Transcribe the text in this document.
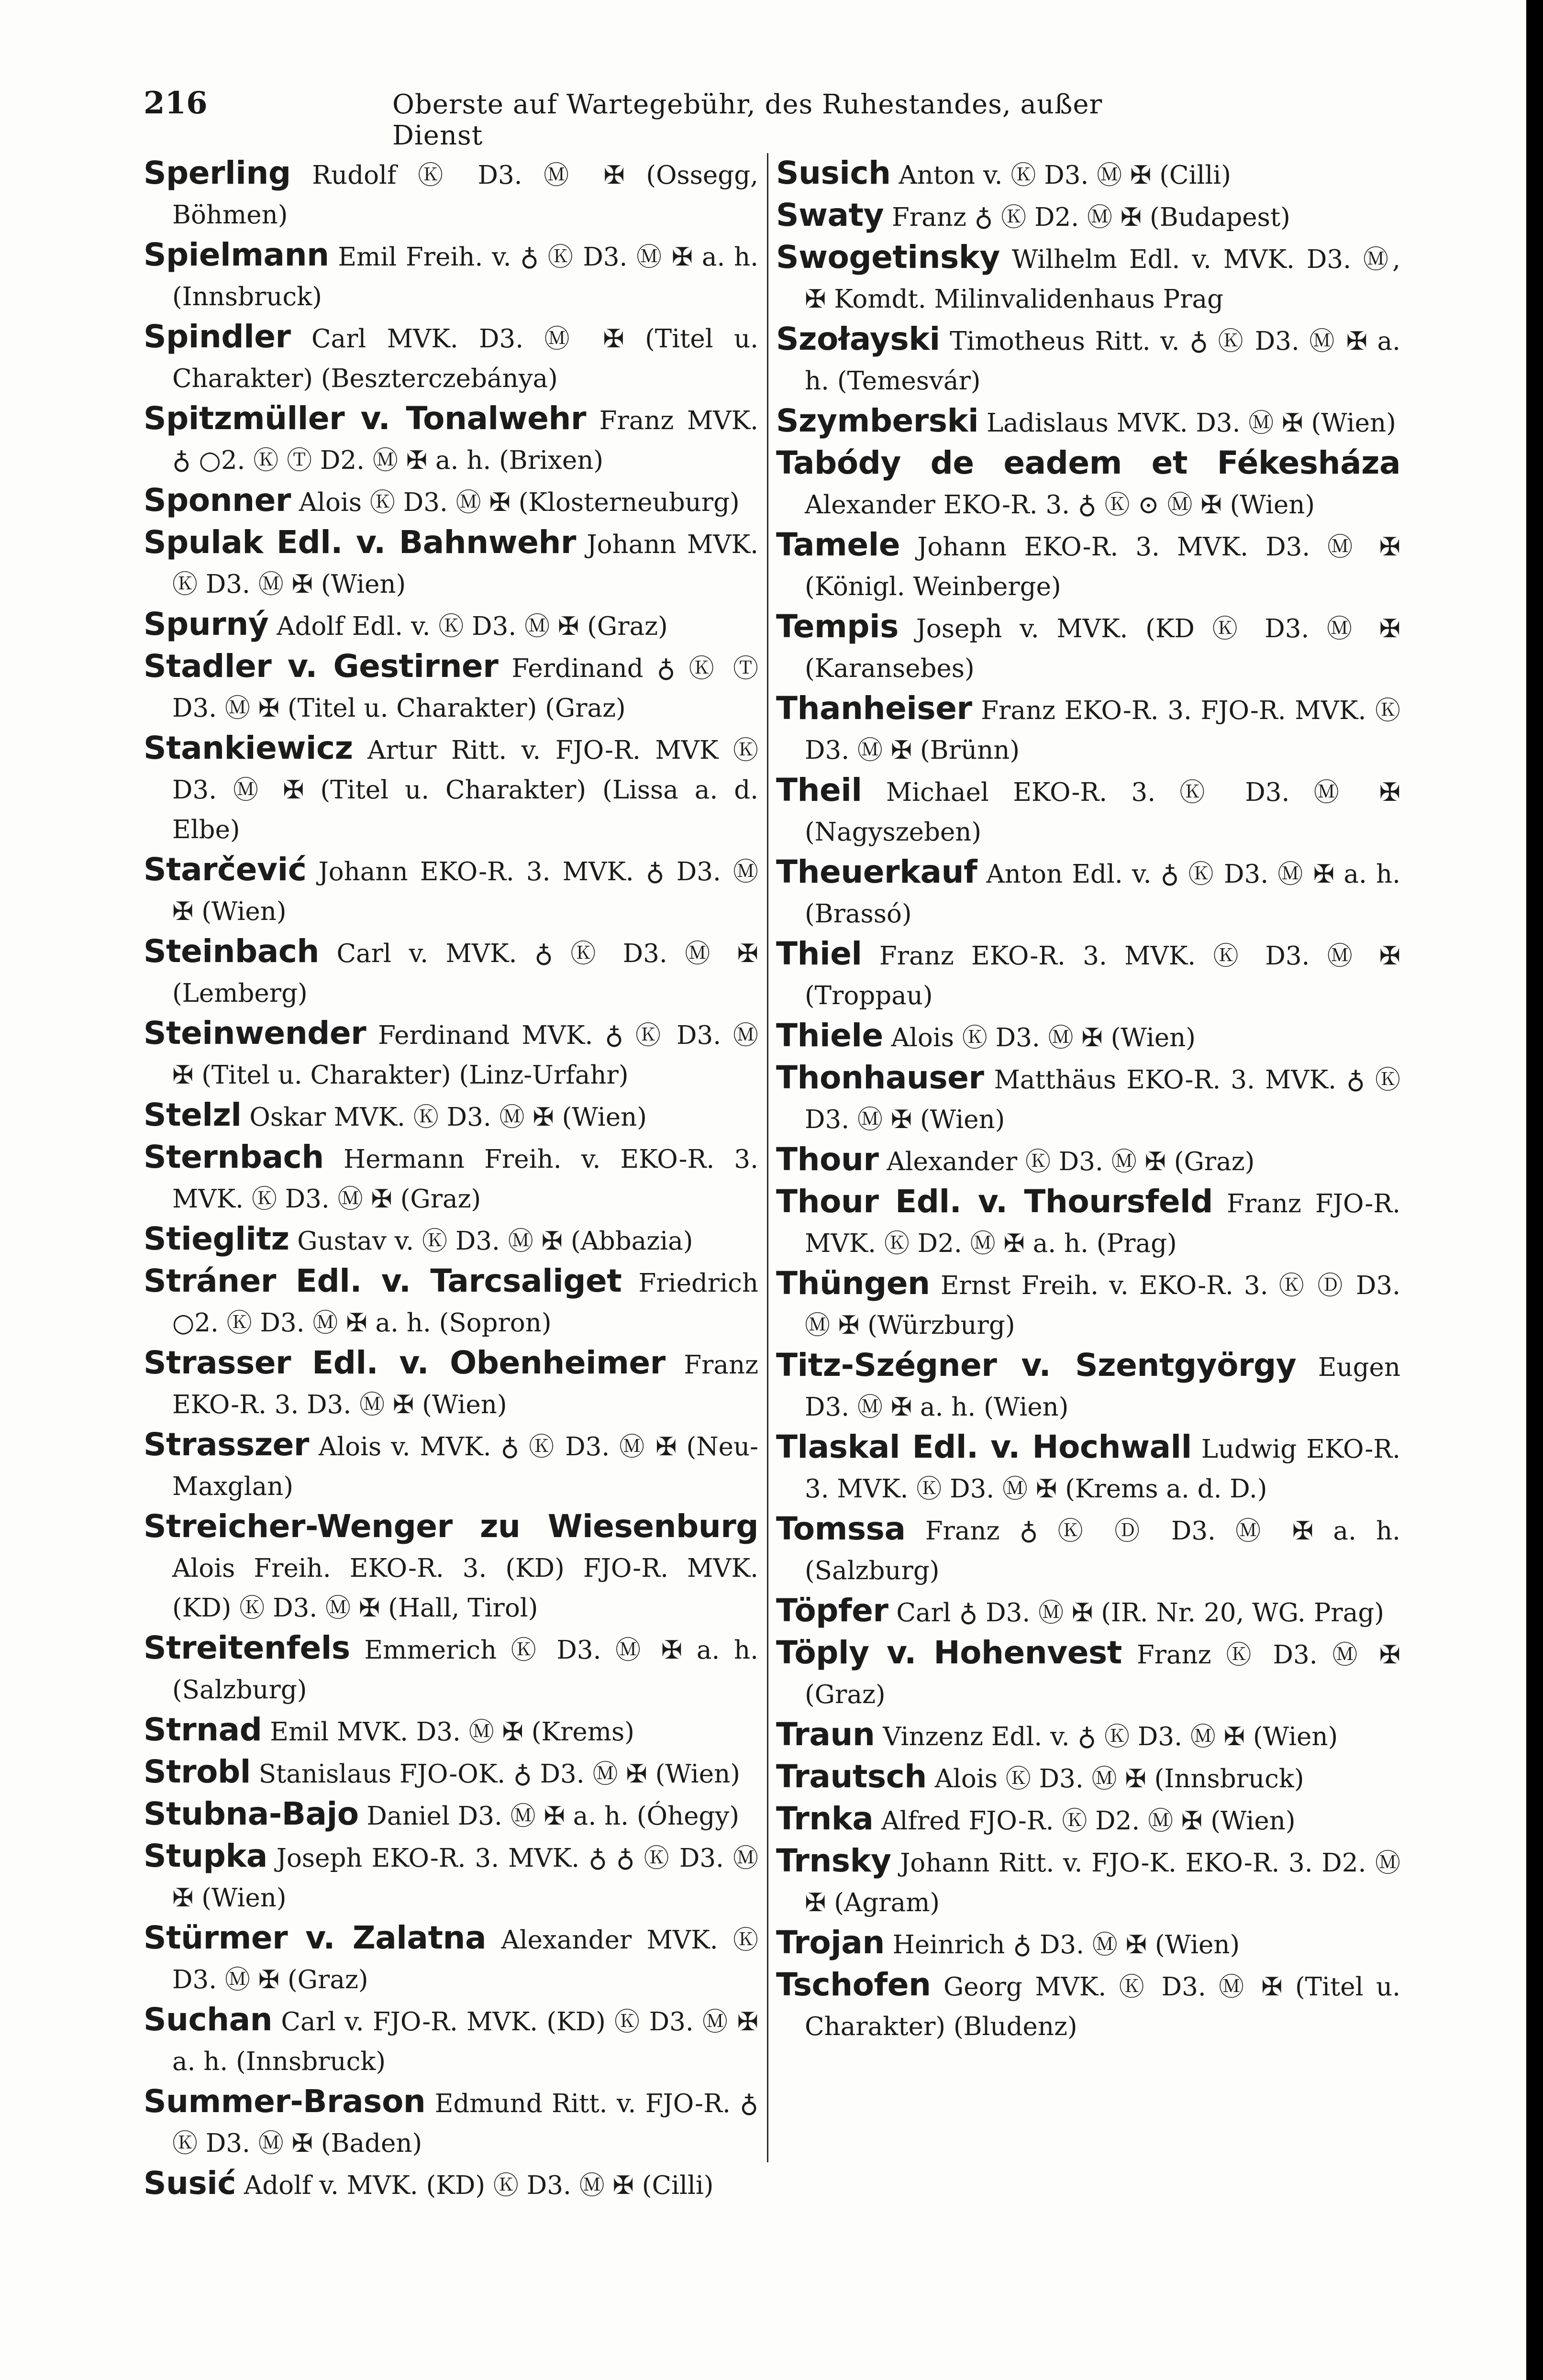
216	Oberste auf Wartegebühr, des Ruhestandes, außer Dienst

Sperling Rudolf Ⓚ D3. Ⓜ ✠ (Ossegg, Böhmen)

Spielmann Emil Freih. v. ♁ Ⓚ D3. Ⓜ ✠ a. h. (Innsbruck)

Spindler Carl MVK. D3. Ⓜ ✠ (Titel u. Charakter) (Beszterczebánya)

Spitzmüller v. Tonalwehr Franz MVK. ♁ ○2. Ⓚ Ⓣ D2. Ⓜ ✠ a. h. (Brixen)

Sponner Alois Ⓚ D3. Ⓜ ✠ (Klosterneuburg)

Spulak Edl. v. Bahnwehr Johann MVK. Ⓚ D3. Ⓜ ✠ (Wien)

Spurný Adolf Edl. v. Ⓚ D3. Ⓜ ✠ (Graz)

Stadler v. Gestirner Ferdinand ♁ Ⓚ Ⓣ D3. Ⓜ ✠ (Titel u. Charakter) (Graz)

Stankiewicz Artur Ritt. v. FJO-R. MVK Ⓚ D3. Ⓜ ✠ (Titel u. Charakter) (Lissa a. d. Elbe)

Starčević Johann EKO-R. 3. MVK. ♁ D3. Ⓜ ✠ (Wien)

Steinbach Carl v. MVK. ♁ Ⓚ D3. Ⓜ ✠ (Lemberg)

Steinwender Ferdinand MVK. ♁ Ⓚ D3. Ⓜ ✠ (Titel u. Charakter) (Linz-Urfahr)

Stelzl Oskar MVK. Ⓚ D3. Ⓜ ✠ (Wien)

Sternbach Hermann Freih. v. EKO-R. 3. MVK. Ⓚ D3. Ⓜ ✠ (Graz)

Stieglitz Gustav v. Ⓚ D3. Ⓜ ✠ (Abbazia)

Stráner Edl. v. Tarcsaliget Friedrich ○2. Ⓚ D3. Ⓜ ✠ a. h. (Sopron)

Strasser Edl. v. Obenheimer Franz EKO-R. 3. D3. Ⓜ ✠ (Wien)

Strasszer Alois v. MVK. ♁ Ⓚ D3. Ⓜ ✠ (Neu-Maxglan)

Streicher-Wenger zu Wiesenburg Alois Freih. EKO-R. 3. (KD) FJO-R. MVK. (KD) Ⓚ D3. Ⓜ ✠ (Hall, Tirol)

Streitenfels Emmerich Ⓚ D3. Ⓜ ✠ a. h. (Salzburg)

Strnad Emil MVK. D3. Ⓜ ✠ (Krems)

Strobl Stanislaus FJO-OK. ♁ D3. Ⓜ ✠ (Wien)

Stubna-Bajo Daniel D3. Ⓜ ✠ a. h. (Óhegy)

Stupka Joseph EKO-R. 3. MVK. ♁ ♁ Ⓚ D3. Ⓜ ✠ (Wien)

Stürmer v. Zalatna Alexander MVK. Ⓚ D3. Ⓜ ✠ (Graz)

Suchan Carl v. FJO-R. MVK. (KD) Ⓚ D3. Ⓜ ✠ a. h. (Innsbruck)

Summer-Brason Edmund Ritt. v. FJO-R. ♁ Ⓚ D3. Ⓜ ✠ (Baden)

Susić Adolf v. MVK. (KD) Ⓚ D3. Ⓜ ✠ (Cilli)

Susich Anton v. Ⓚ D3. Ⓜ ✠ (Cilli)

Swaty Franz ♁ Ⓚ D2. Ⓜ ✠ (Budapest)

Swogetinsky Wilhelm Edl. v. MVK. D3. Ⓜ, ✠ Komdt. Milinvalidenhaus Prag

Szołayski Timotheus Ritt. v. ♁ Ⓚ D3. Ⓜ ✠ a. h. (Temesvár)

Szymberski Ladislaus MVK. D3. Ⓜ ✠ (Wien)

Tabódy de eadem et Fékesháza Alexander EKO-R. 3. ♁ Ⓚ ⊙ Ⓜ ✠ (Wien)

Tamele Johann EKO-R. 3. MVK. D3. Ⓜ ✠ (Königl. Weinberge)

Tempis Joseph v. MVK. (KD Ⓚ D3. Ⓜ ✠ (Karansebes)

Thanheiser Franz EKO-R. 3. FJO-R. MVK. Ⓚ D3. Ⓜ ✠ (Brünn)

Theil Michael EKO-R. 3. Ⓚ D3. Ⓜ ✠ (Nagyszeben)

Theuerkauf Anton Edl. v. ♁ Ⓚ D3. Ⓜ ✠ a. h. (Brassó)

Thiel Franz EKO-R. 3. MVK. Ⓚ D3. Ⓜ ✠ (Troppau)

Thiele Alois Ⓚ D3. Ⓜ ✠ (Wien)

Thonhauser Matthäus EKO-R. 3. MVK. ♁ Ⓚ D3. Ⓜ ✠ (Wien)

Thour Alexander Ⓚ D3. Ⓜ ✠ (Graz)

Thour Edl. v. Thoursfeld Franz FJO-R. MVK. Ⓚ D2. Ⓜ ✠ a. h. (Prag)

Thüngen Ernst Freih. v. EKO-R. 3. Ⓚ Ⓓ D3. Ⓜ ✠ (Würzburg)

Titz-Szégner v. Szentgyörgy Eugen D3. Ⓜ ✠ a. h. (Wien)

Tlaskal Edl. v. Hochwall Ludwig EKO-R. 3. MVK. Ⓚ D3. Ⓜ ✠ (Krems a. d. D.)

Tomssa Franz ♁ Ⓚ Ⓓ D3. Ⓜ ✠ a. h. (Salzburg)

Töpfer Carl ♁ D3. Ⓜ ✠ (IR. Nr. 20, WG. Prag)

Töply v. Hohenvest Franz Ⓚ D3. Ⓜ ✠ (Graz)

Traun Vinzenz Edl. v. ♁ Ⓚ D3. Ⓜ ✠ (Wien)

Trautsch Alois Ⓚ D3. Ⓜ ✠ (Innsbruck)

Trnka Alfred FJO-R. Ⓚ D2. Ⓜ ✠ (Wien)

Trnsky Johann Ritt. v. FJO-K. EKO-R. 3. D2. Ⓜ ✠ (Agram)

Trojan Heinrich ♁ D3. Ⓜ ✠ (Wien)

Tschofen Georg MVK. Ⓚ D3. Ⓜ ✠ (Titel u. Charakter) (Bludenz)
